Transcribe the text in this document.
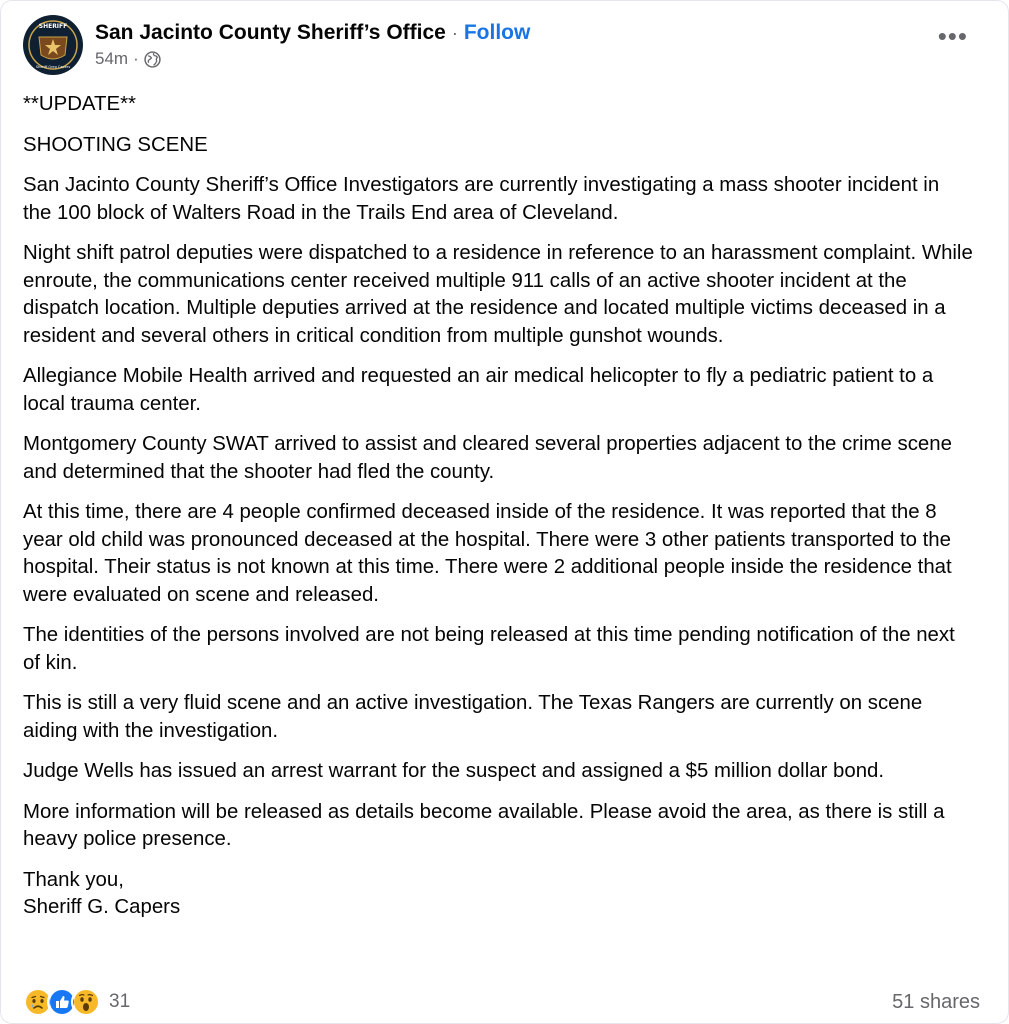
SHERIFF
Sheriff Greg Capers
San Jacinto County Sheriff’s Office · Follow
54m ·
•••

**UPDATE**

SHOOTING SCENE

San Jacinto County Sheriff’s Office Investigators are currently investigating a mass shooter incident in the 100 block of Walters Road in the Trails End area of Cleveland.

Night shift patrol deputies were dispatched to a residence in reference to an harassment complaint. While enroute, the communications center received multiple 911 calls of an active shooter incident at the dispatch location. Multiple deputies arrived at the residence and located multiple victims deceased in a resident and several others in critical condition from multiple gunshot wounds.

Allegiance Mobile Health arrived and requested an air medical helicopter to fly a pediatric patient to a local trauma center.

Montgomery County SWAT arrived to assist and cleared several properties adjacent to the crime scene and determined that the shooter had fled the county.

At this time, there are 4 people confirmed deceased inside of the residence. It was reported that the 8 year old child was pronounced deceased at the hospital. There were 3 other patients transported to the hospital. Their status is not known at this time. There were 2 additional people inside the residence that were evaluated on scene and released.

The identities of the persons involved are not being released at this time pending notification of the next of kin.

This is still a very fluid scene and an active investigation. The Texas Rangers are currently on scene aiding with the investigation.

Judge Wells has issued an arrest warrant for the suspect and assigned a $5 million dollar bond.

More information will be released as details become available. Please avoid the area, as there is still a heavy police presence.

Thank you,
Sheriff G. Capers

31	51 shares
